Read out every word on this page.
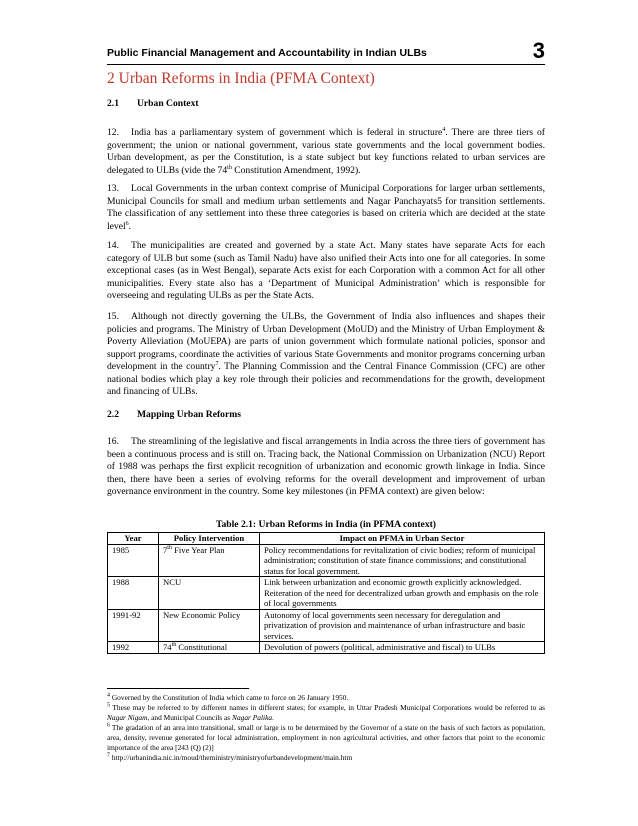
Public Financial Management and Accountability in Indian ULBs	3
2 Urban Reforms in India (PFMA Context)
2.1 Urban Context
12. India has a parliamentary system of government which is federal in structure$^4$. There are three tiers of government; the union or national government, various state governments and the local government bodies. Urban development, as per the Constitution, is a state subject but key functions related to urban services are delegated to ULBs (vide the 74th Constitution Amendment, 1992).
13. Local Governments in the urban context comprise of Municipal Corporations for larger urban settlements, Municipal Councils for small and medium urban settlements and Nagar Panchayats5 for transition settlements. The classification of any settlement into these three categories is based on criteria which are decided at the state level$^6$.
14. The municipalities are created and governed by a state Act. Many states have separate Acts for each category of ULB but some (such as Tamil Nadu) have also unified their Acts into one for all categories. In some exceptional cases (as in West Bengal), separate Acts exist for each Corporation with a common Act for all other municipalities. Every state also has a ‘Department of Municipal Administration’ which is responsible for overseeing and regulating ULBs as per the State Acts.
15. Although not directly governing the ULBs, the Government of India also influences and shapes their policies and programs. The Ministry of Urban Development (MoUD) and the Ministry of Urban Employment & Poverty Alleviation (MoUEPA) are parts of union government which formulate national policies, sponsor and support programs, coordinate the activities of various State Governments and monitor programs concerning urban development in the country$^7$. The Planning Commission and the Central Finance Commission (CFC) are other national bodies which play a key role through their policies and recommendations for the growth, development and financing of ULBs.
2.2 Mapping Urban Reforms
16. The streamlining of the legislative and fiscal arrangements in India across the three tiers of government has been a continuous process and is still on. Tracing back, the National Commission on Urbanization (NCU) Report of 1988 was perhaps the first explicit recognition of urbanization and economic growth linkage in India. Since then, there have been a series of evolving reforms for the overall development and improvement of urban governance environment in the country. Some key milestones (in PFMA context) are given below:
Table 2.1: Urban Reforms in India (in PFMA context)
Year	Policy Intervention	Impact on PFMA in Urban Sector
1985	7th Five Year Plan	Policy recommendations for revitalization of civic bodies; reform of municipal administration; constitution of state finance commissions; and constitutional status for local government.
1988	NCU	Link between urbanization and economic growth explicitly acknowledged. Reiteration of the need for decentralized urban growth and emphasis on the role of local governments
1991-92	New Economic Policy	Autonomy of local governments seen necessary for deregulation and privatization of provision and maintenance of urban infrastructure and basic services.
1992	74th Constitutional	Devolution of powers (political, administrative and fiscal) to ULBs
$^4$ Governed by the Constitution of India which came to force on 26 January 1950.
$^5$ These may be referred to by different names in different states; for example, in Uttar Pradesh Municipal Corporations would be referred to as Nagar Nigam, and Municipal Councils as Nagar Palika.
$^6$ The gradation of an area into transitional, small or large is to be determined by the Governor of a state on the basis of such factors as population, area, density, revenue generated for local administration, employment in non agricultural activities, and other factors that point to the economic importance of the area [243 (Q) (2)]
$^7$ http://urbanindia.nic.in/moud/theministry/ministryofurbandevelopment/main.htm
